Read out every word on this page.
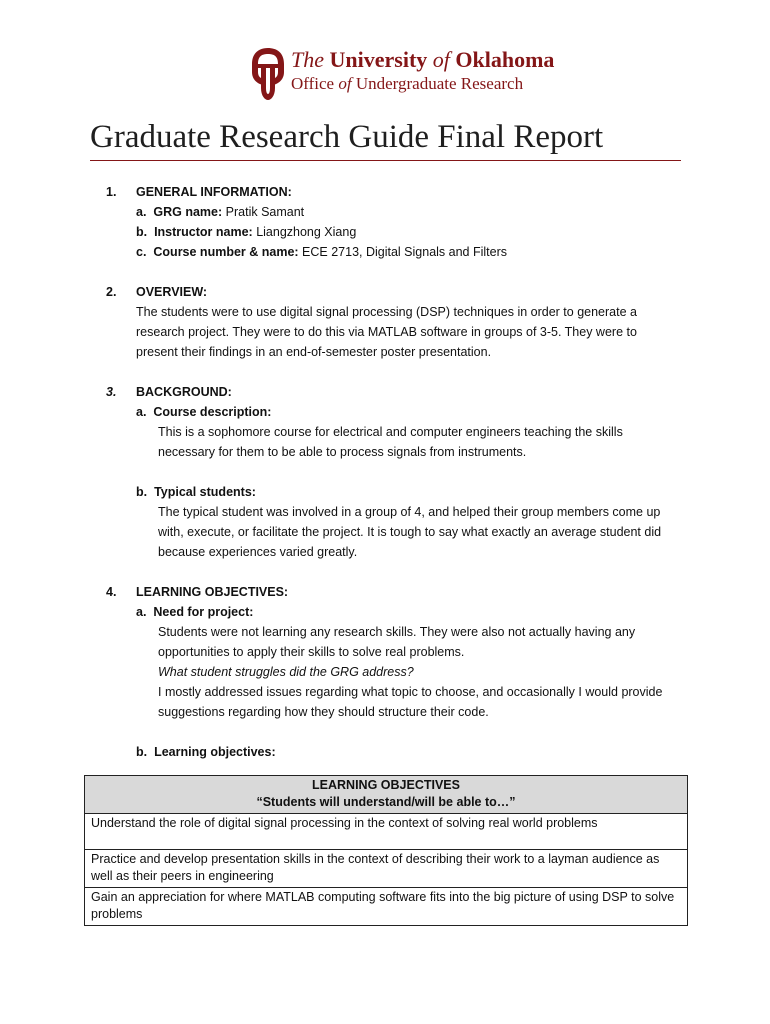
The University of Oklahoma
Office of Undergraduate Research
Graduate Research Guide Final Report
1. GENERAL INFORMATION:
a. GRG name: Pratik Samant
b. Instructor name: Liangzhong Xiang
c. Course number & name: ECE 2713, Digital Signals and Filters
2. OVERVIEW:
The students were to use digital signal processing (DSP) techniques in order to generate a
research project. They were to do this via MATLAB software in groups of 3-5. They were to
present their findings in an end-of-semester poster presentation.
3. BACKGROUND:
a. Course description:
This is a sophomore course for electrical and computer engineers teaching the skills
necessary for them to be able to process signals from instruments.
b. Typical students:
The typical student was involved in a group of 4, and helped their group members come up
with, execute, or facilitate the project. It is tough to say what exactly an average student did
because experiences varied greatly.
4. LEARNING OBJECTIVES:
a. Need for project:
Students were not learning any research skills. They were also not actually having any
opportunities to apply their skills to solve real problems.
What student struggles did the GRG address?
I mostly addressed issues regarding what topic to choose, and occasionally I would provide
suggestions regarding how they should structure their code.
b. Learning objectives:
LEARNING OBJECTIVES
“Students will understand/will be able to…”

Understand the role of digital signal processing in the context of solving real world problems
Practice and develop presentation skills in the context of describing their work to a layman audience as well as their peers in engineering
Gain an appreciation for where MATLAB computing software fits into the big picture of using DSP to solve problems
